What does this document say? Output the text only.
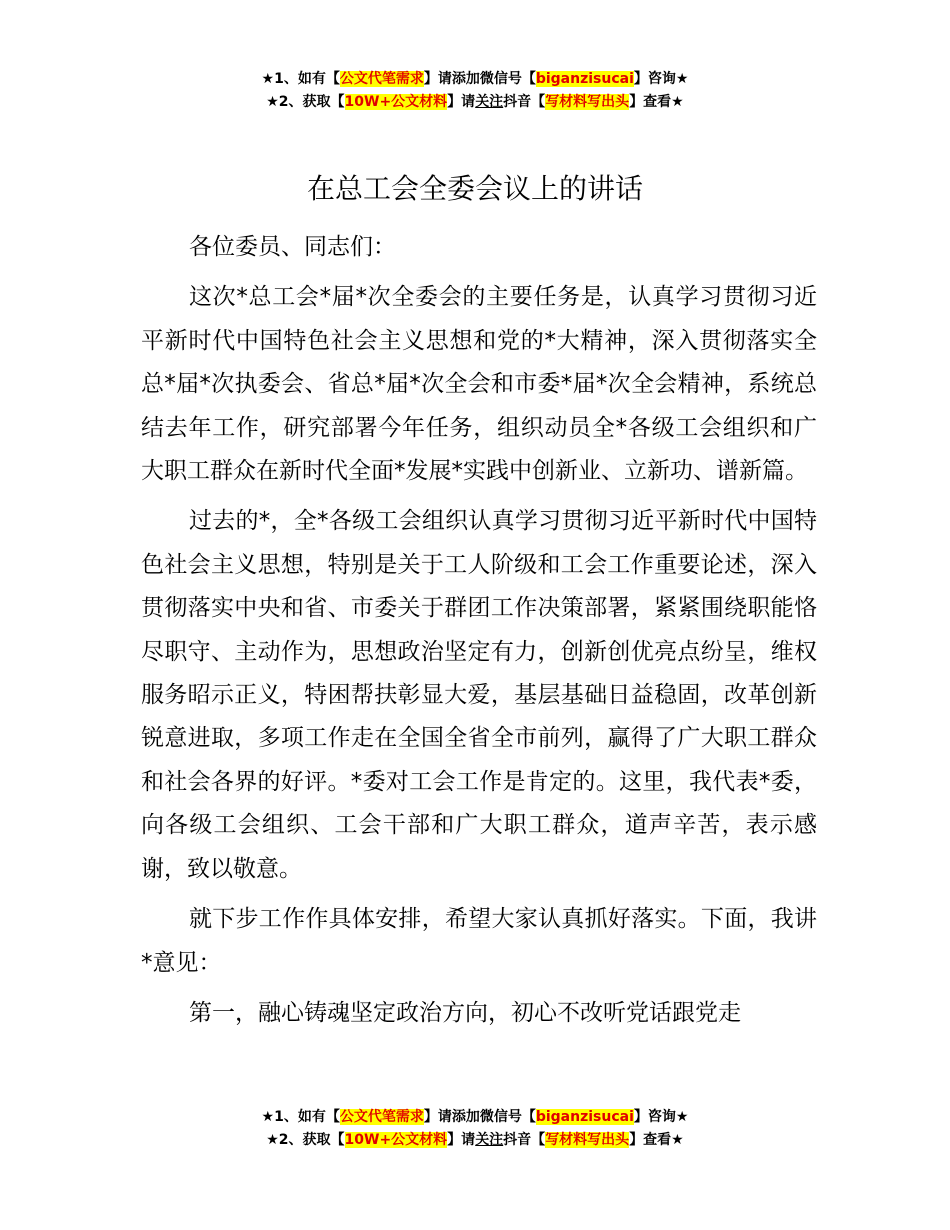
★1、如有【公文代笔需求】请添加微信号【biganzisucai】咨询★
★2、获取【10W+公文材料】请关注抖音【写材料写出头】查看★
在总工会全委会议上的讲话

各位委员、同志们：

这次*总工会*届*次全委会的主要任务是，认真学习贯彻习近平新时代中国特色社会主义思想和党的*大精神，深入贯彻落实全总*届*次执委会、省总*届*次全会和市委*届*次全会精神，系统总结去年工作，研究部署今年任务，组织动员全*各级工会组织和广大职工群众在新时代全面*发展*实践中创新业、立新功、谱新篇。

过去的*，全*各级工会组织认真学习贯彻习近平新时代中国特色社会主义思想，特别是关于工人阶级和工会工作重要论述，深入贯彻落实中央和省、市委关于群团工作决策部署，紧紧围绕职能恪尽职守、主动作为，思想政治坚定有力，创新创优亮点纷呈，维权服务昭示正义，特困帮扶彰显大爱，基层基础日益稳固，改革创新锐意进取，多项工作走在全国全省全市前列，赢得了广大职工群众和社会各界的好评。*委对工会工作是肯定的。这里，我代表*委，向各级工会组织、工会干部和广大职工群众，道声辛苦，表示感谢，致以敬意。

就下步工作作具体安排，希望大家认真抓好落实。下面，我讲*意见：

第一，融心铸魂坚定政治方向，初心不改听党话跟党走

★1、如有【公文代笔需求】请添加微信号【biganzisucai】咨询★
★2、获取【10W+公文材料】请关注抖音【写材料写出头】查看★
